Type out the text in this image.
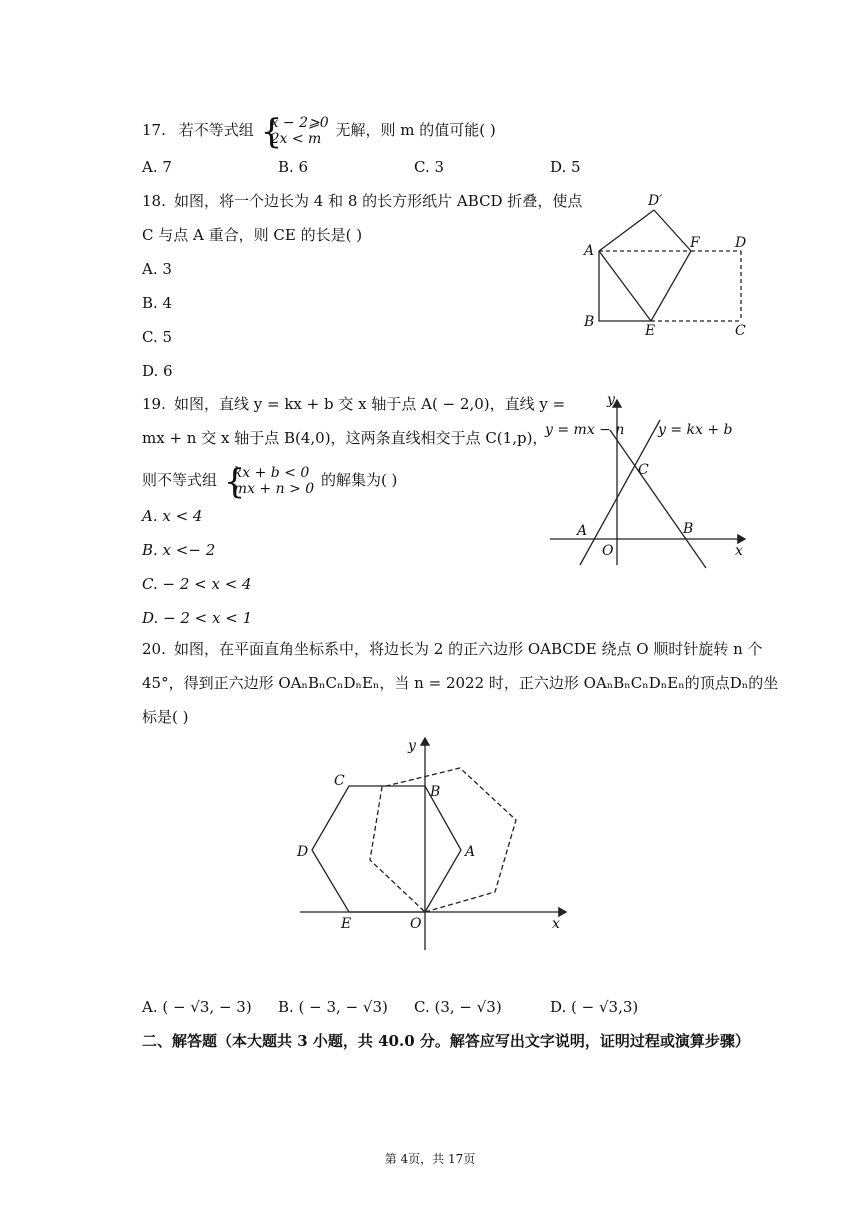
17. 若不等式组 {
x − 2⩾0
2x < m 无解，则 m 的值可能( )
A. 7	B. 6	C. 3	D. 5
18. 如图，将一个边长为 4 和 8 的长方形纸片 ABCD 折叠，使点
C 与点 A 重合，则 CE 的长是( )
A. 3
B. 4
C. 5
D. 6
D′
A	F	D
B
E	C
19. 如图，直线 y = kx + b 交 x 轴于点 A( − 2,0)，直线 y =
mx + n 交 x 轴于点 B(4,0)，这两条直线相交于点 C(1,p)，
则不等式组 {
kx + b < 0
mx + n > 0 的解集为( )
A. x < 4
B. x <− 2
C. − 2 < x < 4
D. − 2 < x < 1
y
y = mx − n y = kx + b
C
A	B
O	x
20. 如图，在平面直角坐标系中，将边长为 2 的正六边形 OABCDE 绕点 O 顺时针旋转 n 个
45°，得到正六边形 OAₙBₙCₙDₙEₙ，当 n = 2022 时，正六边形 OAₙBₙCₙDₙEₙ的顶点Dₙ的坐
标是( )
y
C
B
D	A
E	O	x
A. ( − √3, − 3) B. ( − 3, − √3) C. (3, − √3)	D. ( − √3,3)
二、解答题（本大题共 3 小题，共 40.0 分。解答应写出文字说明，证明过程或演算步骤）
第 4页，共 17页
